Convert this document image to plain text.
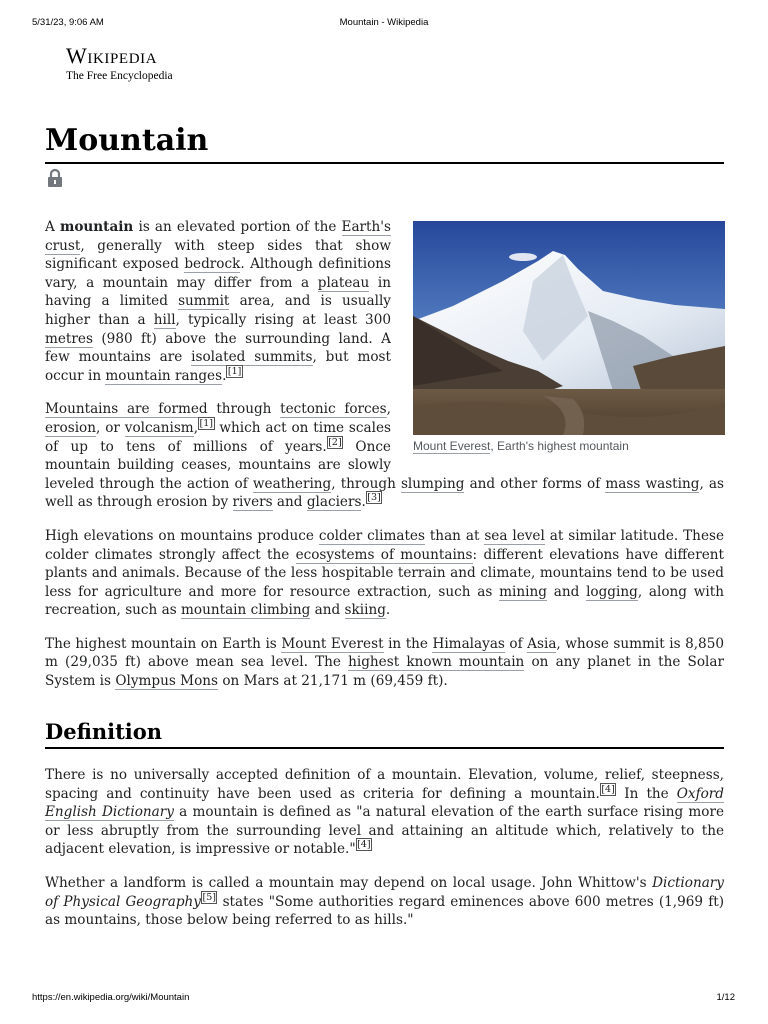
5/31/23, 9:06 AM	Mountain - Wikipedia
Wikipedia
The Free Encyclopedia
Mountain
Mount Everest, Earth's highest mountain

A mountain is an elevated portion of the Earth's crust, generally with steep sides that show significant exposed bedrock. Although definitions vary, a mountain may differ from a plateau in having a limited summit area, and is usually higher than a hill, typically rising at least 300 metres (980 ft) above the surrounding land. A few mountains are isolated summits, but most occur in mountain ranges. [1]

Mountains are formed through tectonic forces, erosion, or volcanism, [1] which act on time scales of up to tens of millions of years. [2] Once mountain building ceases, mountains are slowly leveled through the action of weathering, through slumping and other forms of mass wasting, as well as through erosion by rivers and glaciers. [3]

High elevations on mountains produce colder climates than at sea level at similar latitude. These colder climates strongly affect the ecosystems of mountains: different elevations have different plants and animals. Because of the less hospitable terrain and climate, mountains tend to be used less for agriculture and more for resource extraction, such as mining and logging, along with recreation, such as mountain climbing and skiing.

The highest mountain on Earth is Mount Everest in the Himalayas of Asia, whose summit is 8,850 m (29,035 ft) above mean sea level. The highest known mountain on any planet in the Solar System is Olympus Mons on Mars at 21,171 m (69,459 ft).

Definition

There is no universally accepted definition of a mountain. Elevation, volume, relief, steepness, spacing and continuity have been used as criteria for defining a mountain. [4] In the Oxford English Dictionary a mountain is defined as "a natural elevation of the earth surface rising more or less abruptly from the surrounding level and attaining an altitude which, relatively to the adjacent elevation, is impressive or notable." [4]

Whether a landform is called a mountain may depend on local usage. John Whittow's Dictionary of Physical Geography [5] states "Some authorities regard eminences above 600 metres (1,969 ft) as mountains, those below being referred to as hills."

https://en.wikipedia.org/wiki/Mountain	1/12
